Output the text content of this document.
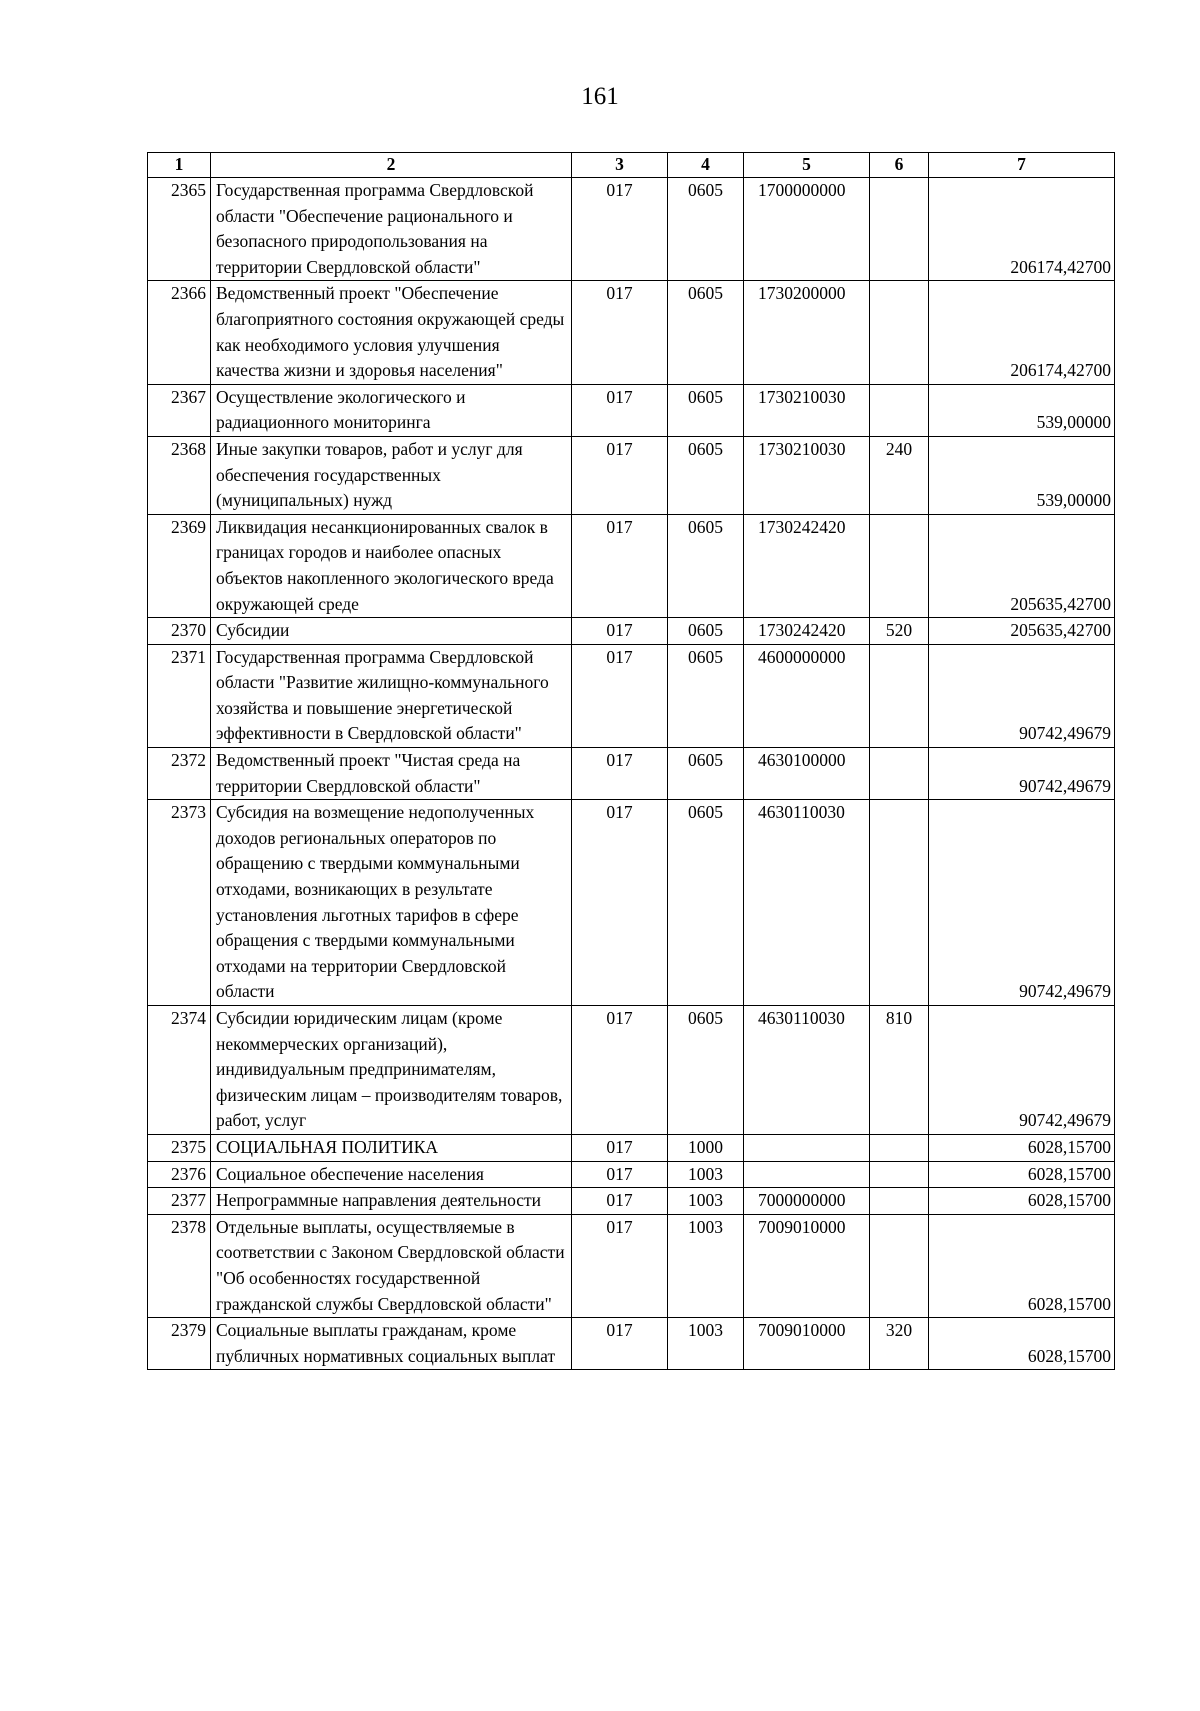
161
1	2	3	4	5	6	7
2365	Государственная программа Свердловской области "Обеспечение рационального и безопасного природопользования на территории Свердловской области"	017	0605	1700000000		206174,42700
2366	Ведомственный проект "Обеспечение благоприятного состояния окружающей среды как необходимого условия улучшения качества жизни и здоровья населения"	017	0605	1730200000		206174,42700
2367	Осуществление экологического и радиационного мониторинга	017	0605	1730210030		539,00000
2368	Иные закупки товаров, работ и услуг для обеспечения государственных (муниципальных) нужд	017	0605	1730210030	240	539,00000
2369	Ликвидация несанкционированных свалок в границах городов и наиболее опасных объектов накопленного экологического вреда окружающей среде	017	0605	1730242420		205635,42700
2370	Субсидии	017	0605	1730242420	520	205635,42700
2371	Государственная программа Свердловской области "Развитие жилищно-коммунального хозяйства и повышение энергетической эффективности в Свердловской области"	017	0605	4600000000		90742,49679
2372	Ведомственный проект "Чистая среда на территории Свердловской области"	017	0605	4630100000		90742,49679
2373	Субсидия на возмещение недополученных доходов региональных операторов по обращению с твердыми коммунальными отходами, возникающих в результате установления льготных тарифов в сфере обращения с твердыми коммунальными отходами на территории Свердловской области	017	0605	4630110030		90742,49679
2374	Субсидии юридическим лицам (кроме некоммерческих организаций), индивидуальным предпринимателям, физическим лицам – производителям товаров, работ, услуг	017	0605	4630110030	810	90742,49679
2375	СОЦИАЛЬНАЯ ПОЛИТИКА	017	1000			6028,15700
2376	Социальное обеспечение населения	017	1003			6028,15700
2377	Непрограммные направления деятельности	017	1003	7000000000		6028,15700
2378	Отдельные выплаты, осуществляемые в соответствии с Законом Свердловской области "Об особенностях государственной гражданской службы Свердловской области"	017	1003	7009010000		6028,15700
2379	Социальные выплаты гражданам, кроме публичных нормативных социальных выплат	017	1003	7009010000	320	6028,15700
